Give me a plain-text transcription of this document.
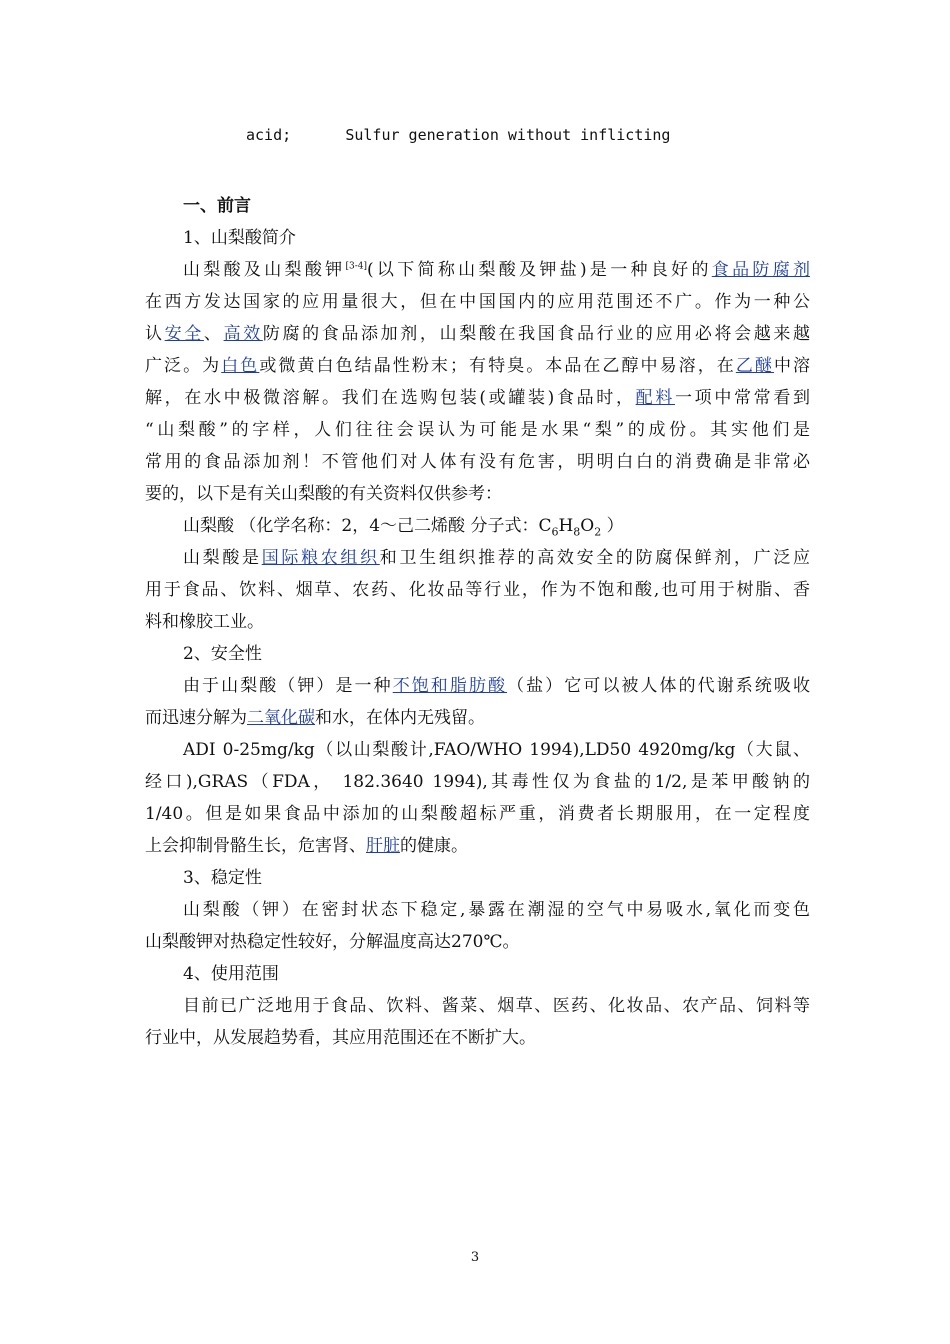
acid;      Sulfur generation without inflicting
一、前言
1、山梨酸简介
山梨酸及山梨酸钾[3-4](以下简称山梨酸及钾盐)是一种良好的食品防腐剂
在西方发达国家的应用量很大，但在中国国内的应用范围还不广。作为一种公
认安全、高效防腐的食品添加剂，山梨酸在我国食品行业的应用必将会越来越
广泛。为白色或微黄白色结晶性粉末；有特臭。本品在乙醇中易溶，在乙醚中溶
解，在水中极微溶解。我们在选购包装(或罐装)食品时，配料一项中常常看到
“山梨酸”的字样，人们往往会误认为可能是水果“梨”的成份。其实他们是
常用的食品添加剂！不管他们对人体有没有危害，明明白白的消费确是非常必
要的，以下是有关山梨酸的有关资料仅供参考：
山梨酸 （化学名称：2，4～己二烯酸 分子式：$C_6H_8O_2$ ）
山梨酸是国际粮农组织和卫生组织推荐的高效安全的防腐保鲜剂，广泛应
用于食品、饮料、烟草、农药、化妆品等行业，作为不饱和酸,也可用于树脂、香
料和橡胶工业。
2、安全性
由于山梨酸（钾）是一种不饱和脂肪酸（盐）它可以被人体的代谢系统吸收
而迅速分解为二氧化碳和水，在体内无残留。
ADI 0-25mg/kg（以山梨酸计,FAO/WHO 1994),LD50 4920mg/kg（大鼠、
经口),GRAS（FDA， 182.3640 1994),其毒性仅为食盐的1/2,是苯甲酸钠的
1/40。但是如果食品中添加的山梨酸超标严重，消费者长期服用，在一定程度
上会抑制骨骼生长，危害肾、肝脏的健康。
3、稳定性
山梨酸（钾）在密封状态下稳定,暴露在潮湿的空气中易吸水,氧化而变色
山梨酸钾对热稳定性较好，分解温度高达270℃。
4、使用范围
目前已广泛地用于食品、饮料、酱菜、烟草、医药、化妆品、农产品、饲料等
行业中，从发展趋势看，其应用范围还在不断扩大。
3
